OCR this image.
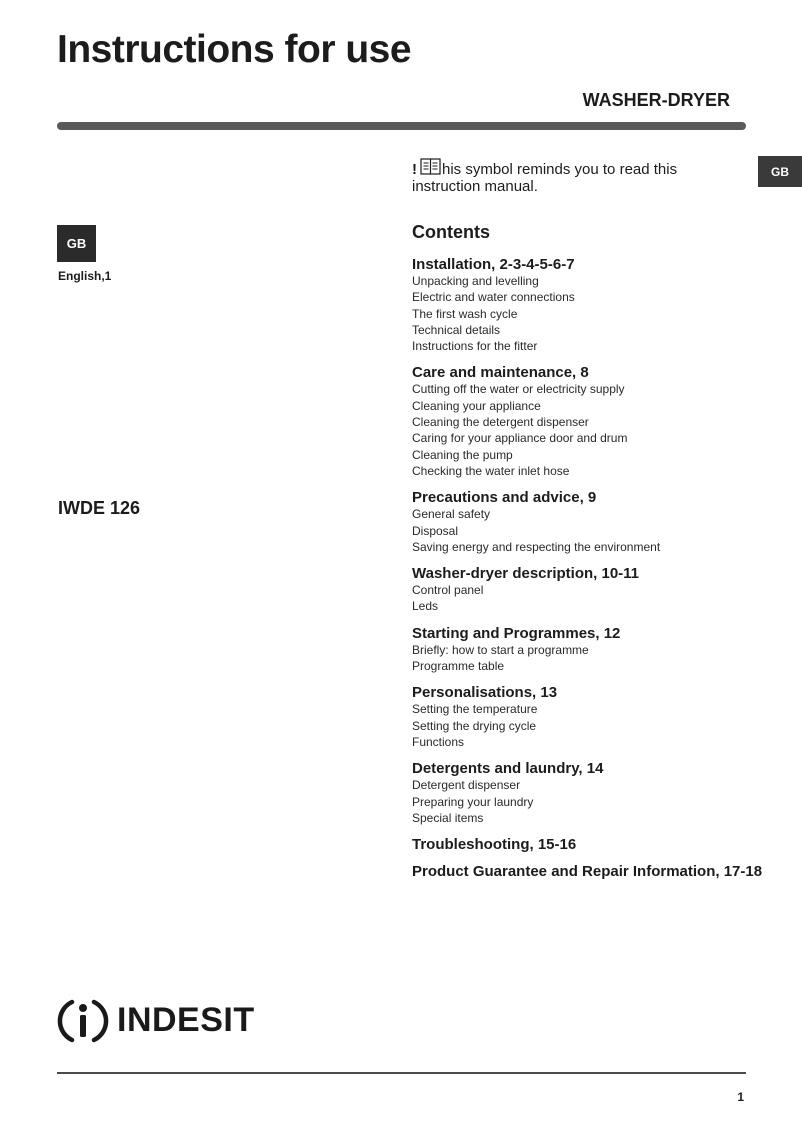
Instructions for use
WASHER-DRYER
GB
GB
English,1
IWDE 126
! his symbol reminds you to read this instruction manual.
Contents
Installation, 2-3-4-5-6-7
Unpacking and levelling
Electric and water connections
The first wash cycle
Technical details
Instructions for the fitter
Care and maintenance, 8
Cutting off the water or electricity supply
Cleaning your appliance
Cleaning the detergent dispenser
Caring for your appliance door and drum
Cleaning the pump
Checking the water inlet hose
Precautions and advice, 9
General safety
Disposal
Saving energy and respecting the environment
Washer-dryer description, 10-11
Control panel
Leds
Starting and Programmes, 12
Briefly: how to start a programme
Programme table
Personalisations, 13
Setting the temperature
Setting the drying cycle
Functions
Detergents and laundry, 14
Detergent dispenser
Preparing your laundry
Special items
Troubleshooting, 15-16
Product Guarantee and Repair Information, 17-18
INDESIT
1
